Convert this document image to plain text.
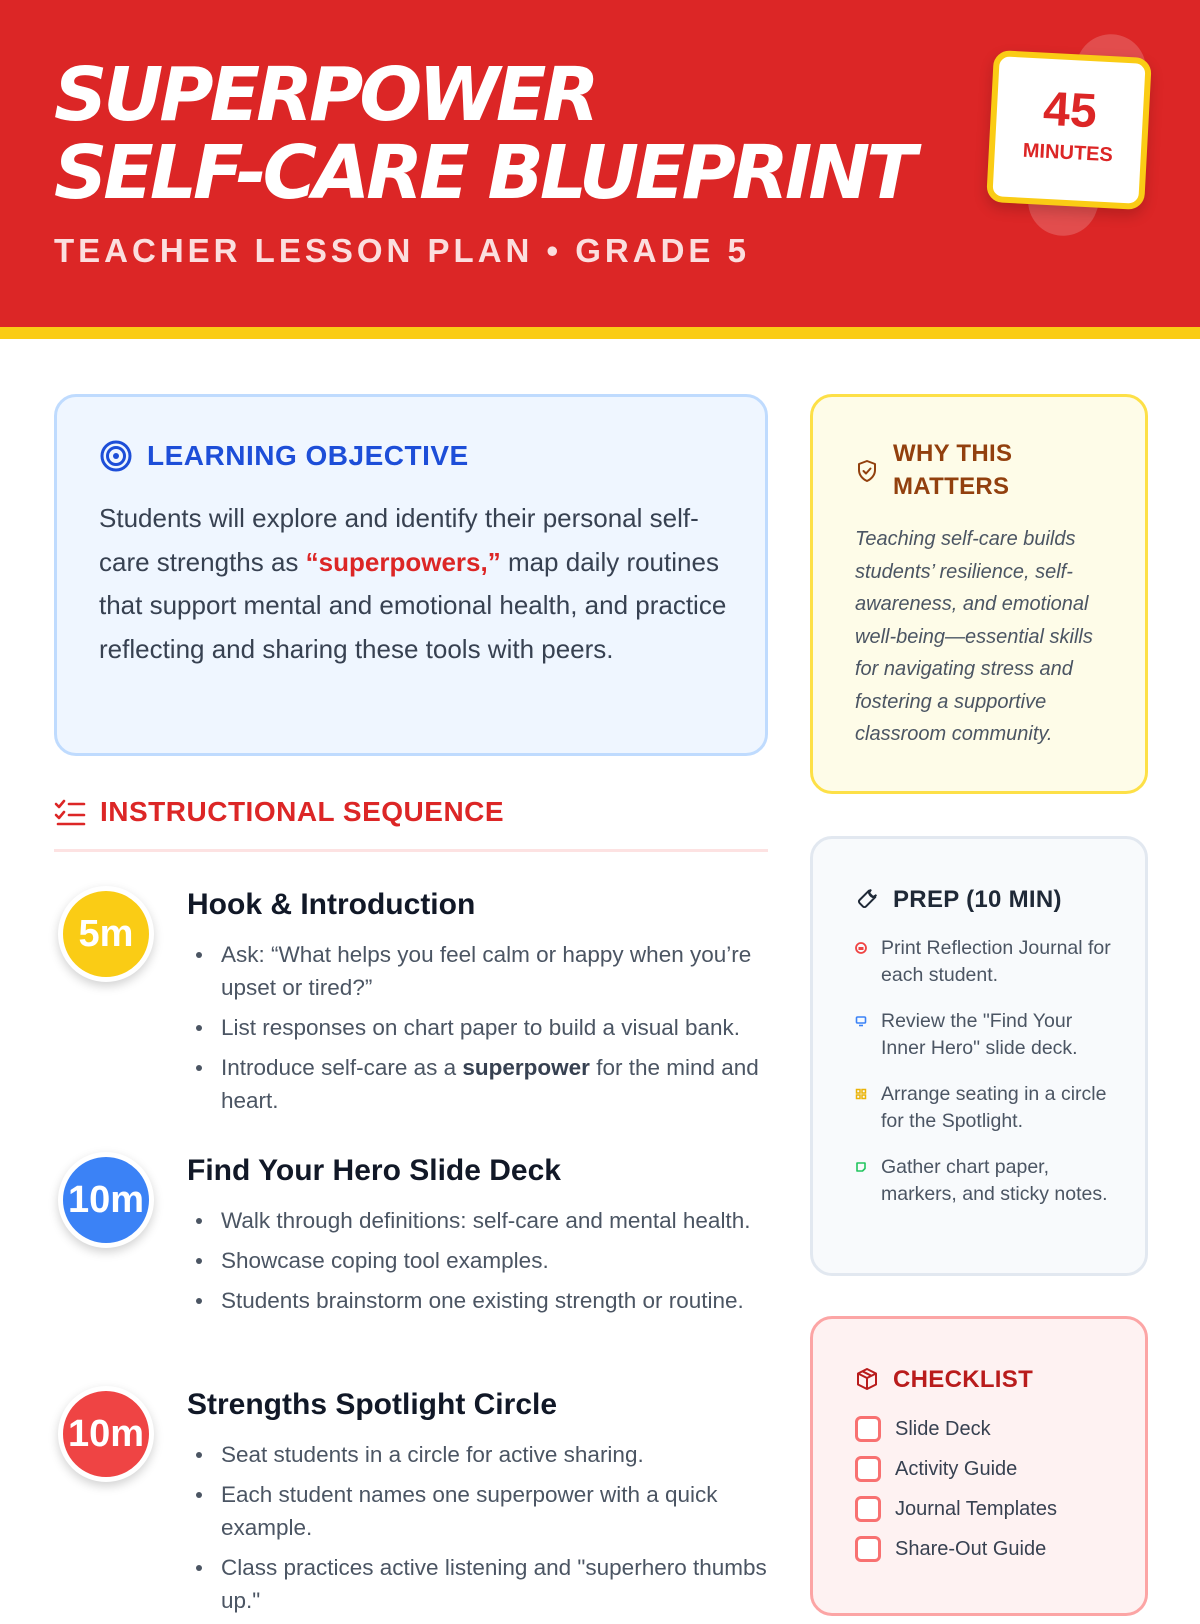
SUPERPOWER
SELF-CARE BLUEPRINT
TEACHER LESSON PLAN • GRADE 5
45
MINUTES
LEARNING OBJECTIVE

Students will explore and identify their personal self-care strengths as “superpowers,” map daily routines that support mental and emotional health, and practice reflecting and sharing these tools with peers.

INSTRUCTIONAL SEQUENCE
5m
Hook & Introduction
Ask: “What helps you feel calm or happy when you’re upset or tired?”
List responses on chart paper to build a visual bank.
Introduce self-care as a superpower for the mind and heart.
10m
Find Your Hero Slide Deck
Walk through definitions: self-care and mental health.
Showcase coping tool examples.
Students brainstorm one existing strength or routine.
10m
Strengths Spotlight Circle
Seat students in a circle for active sharing.
Each student names one superpower with a quick example.
Class practices active listening and "superhero thumbs up."
WHY THIS MATTERS

Teaching self-care builds students’ resilience, self-awareness, and emotional well-being—essential skills for navigating stress and fostering a supportive classroom community.

PREP (10 MIN)
Print Reflection Journal for each student.
Review the "Find Your Inner Hero" slide deck.
Arrange seating in a circle for the Spotlight.
Gather chart paper, markers, and sticky notes.
CHECKLIST
Slide Deck
Activity Guide
Journal Templates
Share-Out Guide
